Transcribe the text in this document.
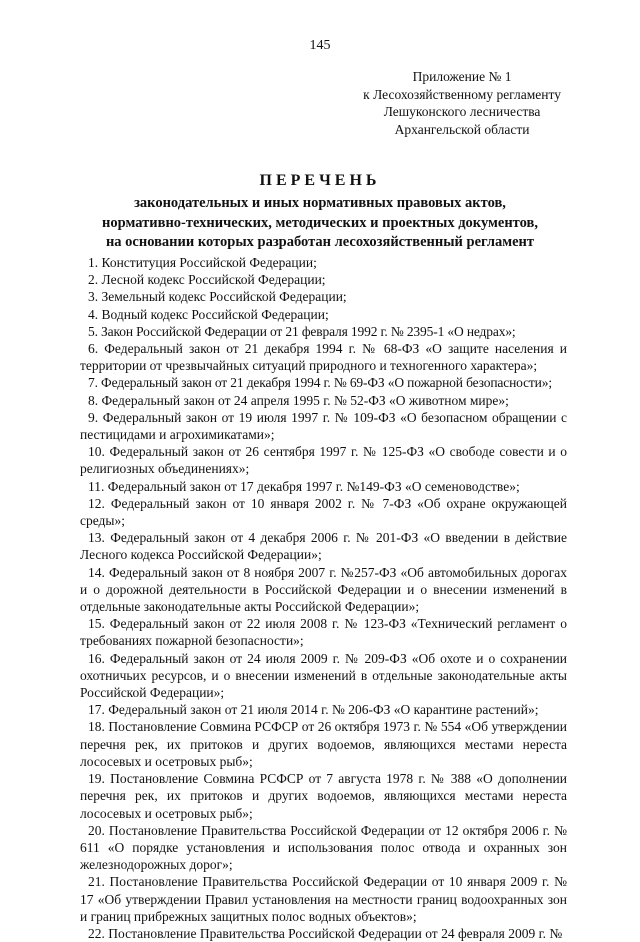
145
Приложение № 1
к Лесохозяйственному регламенту
Лешуконского лесничества
Архангельской области
ПЕРЕЧЕНЬ
законодательных и иных нормативных правовых актов,
нормативно-технических, методических и проектных документов,
на основании которых разработан лесохозяйственный регламент
1. Конституция Российской Федерации;
2. Лесной кодекс Российской Федерации;
3. Земельный кодекс Российской Федерации;
4. Водный кодекс Российской Федерации;
5. Закон Российской Федерации от 21 февраля 1992 г. № 2395-1 «О недрах»;
6. Федеральный закон от 21 декабря 1994 г. № 68-ФЗ «О защите населения и территории от чрезвычайных ситуаций природного и техногенного характера»;
7. Федеральный закон от 21 декабря 1994 г. № 69-ФЗ «О пожарной безопасности»;
8. Федеральный закон от 24 апреля 1995 г. № 52-ФЗ «О животном мире»;
9. Федеральный закон от 19 июля 1997 г. № 109-ФЗ «О безопасном обращении с пестицидами и агрохимикатами»;
10. Федеральный закон от 26 сентября 1997 г. № 125-ФЗ «О свободе совести и о религиозных объединениях»;
11. Федеральный закон от 17 декабря 1997 г. №149-ФЗ «О семеноводстве»;
12. Федеральный закон от 10 января 2002 г. № 7-ФЗ «Об охране окружающей среды»;
13. Федеральный закон от 4 декабря 2006 г. № 201-ФЗ «О введении в действие Лесного кодекса Российской Федерации»;
14. Федеральный закон от 8 ноября 2007 г. №257-ФЗ «Об автомобильных дорогах и о дорожной деятельности в Российской Федерации и о внесении изменений в отдельные законодательные акты Российской Федерации»;
15. Федеральный закон от 22 июля 2008 г. № 123-ФЗ «Технический регламент о требованиях пожарной безопасности»;
16. Федеральный закон от 24 июля 2009 г. № 209-ФЗ «Об охоте и о сохранении охотничьих ресурсов, и о внесении изменений в отдельные законодательные акты Российской Федерации»;
17. Федеральный закон от 21 июля 2014 г. № 206-ФЗ «О карантине растений»;
18. Постановление Совмина РСФСР от 26 октября 1973 г. № 554 «Об утверждении перечня рек, их притоков и других водоемов, являющихся местами нереста лососевых и осетровых рыб»;
19. Постановление Совмина РСФСР от 7 августа 1978 г. № 388 «О дополнении перечня рек, их притоков и других водоемов, являющихся местами нереста лососевых и осетровых рыб»;
20. Постановление Правительства Российской Федерации от 12 октября 2006 г. № 611 «О порядке установления и использования полос отвода и охранных зон железнодорожных дорог»;
21. Постановление Правительства Российской Федерации от 10 января 2009 г. № 17 «Об утверждении Правил установления на местности границ водоохранных зон и границ прибрежных защитных полос водных объектов»;
22. Постановление Правительства Российской Федерации от 24 февраля 2009 г. №
